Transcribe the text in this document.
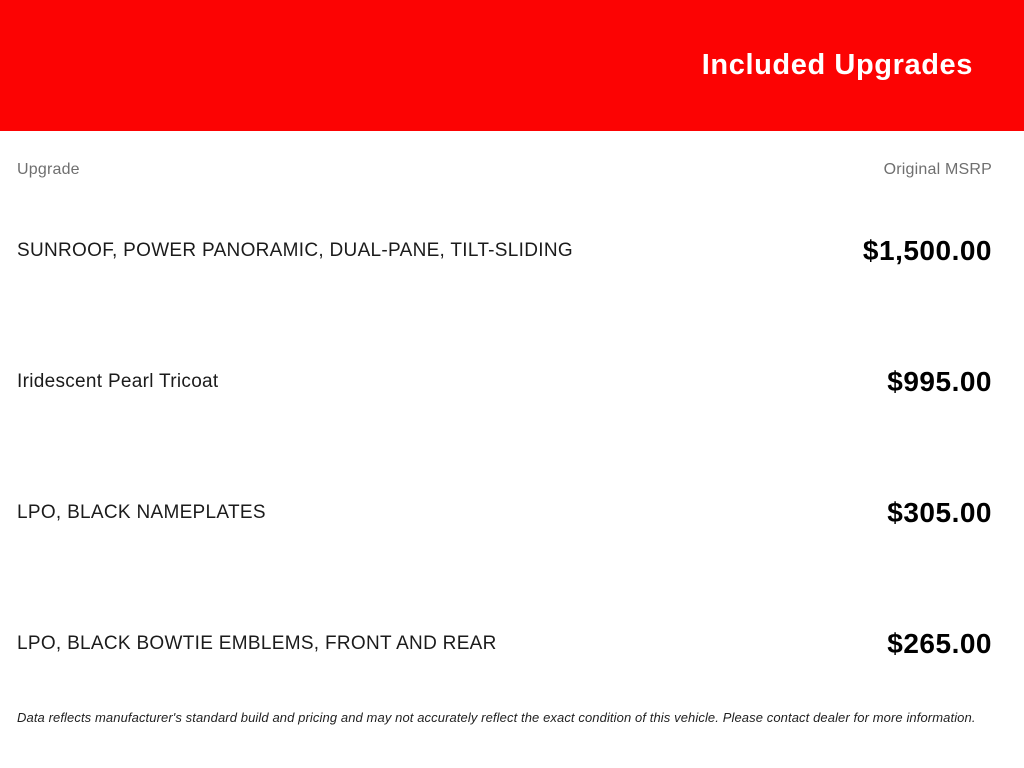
Included Upgrades
Upgrade	Original MSRP
SUNROOF, POWER PANORAMIC, DUAL-PANE, TILT-SLIDING	$1,500.00
Iridescent Pearl Tricoat	$995.00
LPO, BLACK NAMEPLATES	$305.00
LPO, BLACK BOWTIE EMBLEMS, FRONT AND REAR	$265.00
Data reflects manufacturer's standard build and pricing and may not accurately reflect the exact condition of this vehicle. Please contact dealer for more information.
